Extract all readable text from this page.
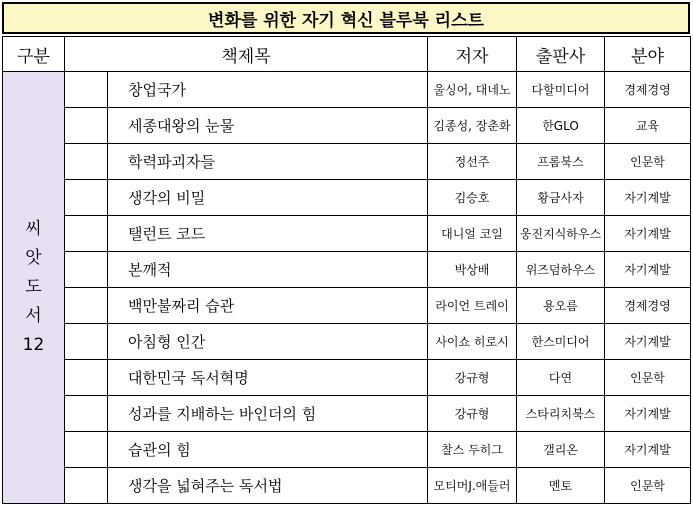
변화를 위한 자기 혁신 블루북 리스트
구분	책제목		저자	출판사	분야

씨
앗
도
서
12		창업국가	울싱어, 대네노	다할미디어	경제경영
		세종대왕의 눈물	김종성, 장춘화	한GLO	교육
		학력파괴자들	정선주	프롬북스	인문학
		생각의 비밀	김승호	황금사자	자기계발
		탤런트 코드	대니얼 코일	웅진지식하우스	자기계발
		본깨적	박상배	위즈덤하우스	자기계발
		백만불짜리 습관	라이언 트레이	용오름	경제경영
		아침형 인간	사이쇼 히로시	한스미디어	자기계발
		대한민국 독서혁명	강규형	다연	인문학
		성과를 지배하는 바인더의 힘	강규형	스타리치북스	자기계발
		습관의 힘	찰스 두히그	갤리온	자기계발
		생각을 넓혀주는 독서법	모티머J.애들러	멘토	인문학
